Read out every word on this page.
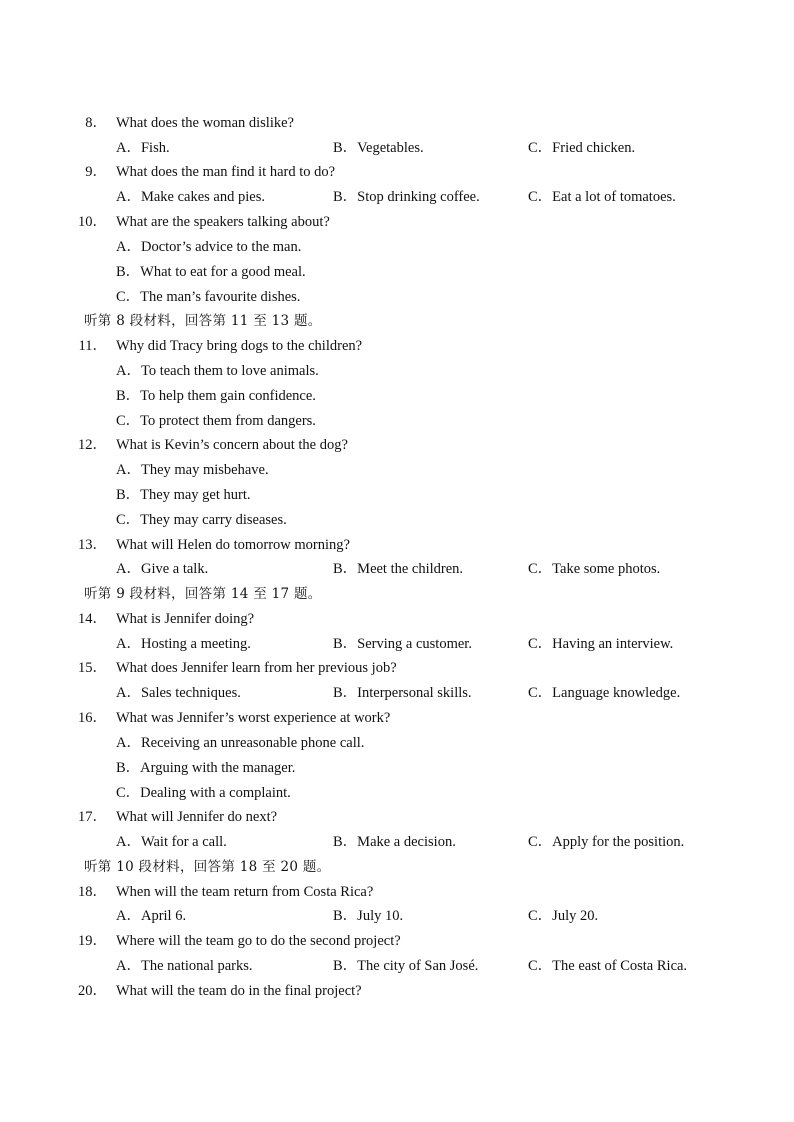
8． What does the woman dislike?
A．Fish.	B．Vegetables.	C．Fried chicken.
9． What does the man find it hard to do?
A．Make cakes and pies.	B．Stop drinking coffee.	C．Eat a lot of tomatoes.
10． What are the speakers talking about?
A．Doctor’s advice to the man.
B．What to eat for a good meal.
C．The man’s favourite dishes.
听第 8 段材料，回答第 11 至 13 题。
11． Why did Tracy bring dogs to the children?
A．To teach them to love animals.
B．To help them gain confidence.
C．To protect them from dangers.
12． What is Kevin’s concern about the dog?
A．They may misbehave.
B．They may get hurt.
C．They may carry diseases.
13． What will Helen do tomorrow morning?
A．Give a talk.	B．Meet the children.	C．Take some photos.
听第 9 段材料，回答第 14 至 17 题。
14． What is Jennifer doing?
A．Hosting a meeting.	B．Serving a customer.	C．Having an interview.
15． What does Jennifer learn from her previous job?
A．Sales techniques.	B．Interpersonal skills.	C．Language knowledge.
16． What was Jennifer’s worst experience at work?
A．Receiving an unreasonable phone call.
B．Arguing with the manager.
C．Dealing with a complaint.
17． What will Jennifer do next?
A．Wait for a call.	B．Make a decision.	C．Apply for the position.
听第 10 段材料，回答第 18 至 20 题。
18． When will the team return from Costa Rica?
A．April 6.	B．July 10.	C．July 20.
19． Where will the team go to do the second project?
A．The national parks.	B．The city of San José.	C．The east of Costa Rica.
20． What will the team do in the final project?
